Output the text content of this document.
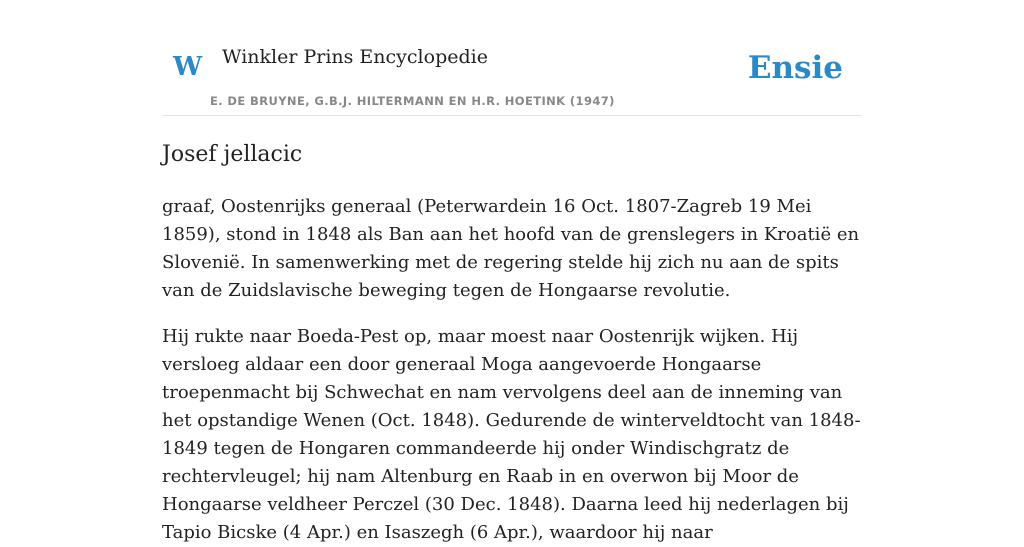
W Winkler Prins Encyclopedie
E. DE BRUYNE, G.B.J. HILTERMANN EN H.R. HOETINK (1947)
Ensie
Josef jellacic

graaf, Oostenrijks generaal (Peterwardein 16 Oct. 1807-Zagreb 19 Mei 1859), stond in 1848 als Ban aan het hoofd van de grenslegers in Kroatië en Slovenië. In samenwerking met de regering stelde hij zich nu aan de spits van de Zuidslavische beweging tegen de Hongaarse revolutie.

Hij rukte naar Boeda-Pest op, maar moest naar Oostenrijk wijken. Hij versloeg aldaar een door generaal Moga aangevoerde Hongaarse troepenmacht bij Schwechat en nam vervolgens deel aan de inneming van het opstandige Wenen (Oct. 1848). Gedurende de winterveldtocht van 1848-1849 tegen de Hongaren commandeerde hij onder Windischgratz de rechtervleugel; hij nam Altenburg en Raab in en overwon bij Moor de Hongaarse veldheer Perczel (30 Dec. 1848). Daarna leed hij nederlagen bij Tapio Bicske (4 Apr.) en Isaszegh (6 Apr.), waardoor hij naar
